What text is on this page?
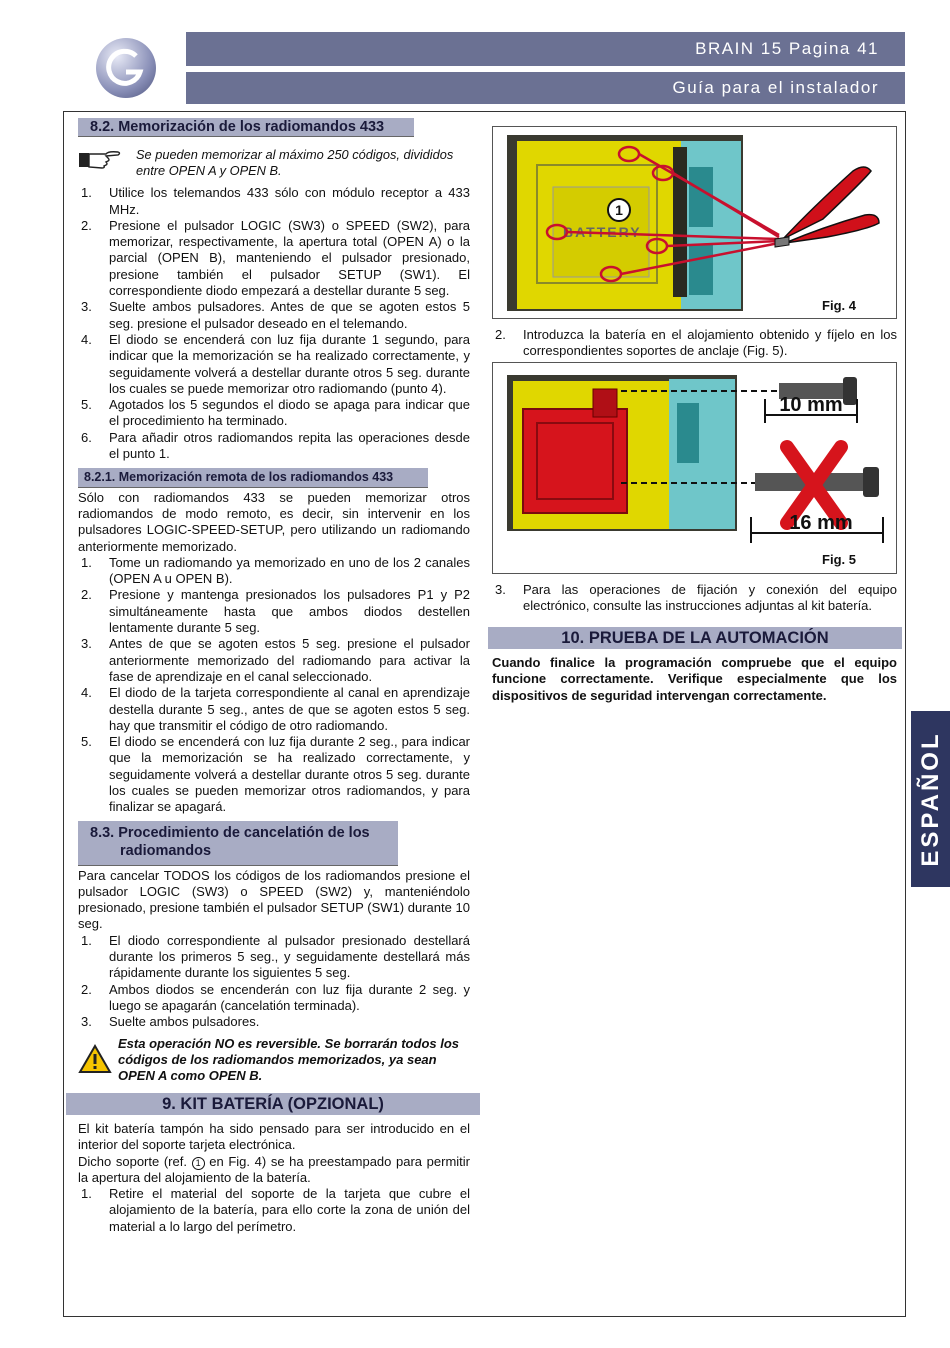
BRAIN 15 Pagina 41
Guía para el instalador
ESPAÑOL
8.2. Memorización de los radiomandos 433
Se pueden memorizar al máximo 250 códigos, divididos entre OPEN A y OPEN B.
1.	Utilice los telemandos 433 sólo con módulo receptor a 433 MHz.
2.	Presione el pulsador LOGIC (SW3) o SPEED (SW2), para memorizar, respectivamente, la apertura total (OPEN A) o la parcial (OPEN B), manteniendo el pulsador presionado, presione también el pulsador SETUP (SW1). El correspondiente diodo empezará a destellar durante 5 seg.
3.	Suelte ambos pulsadores. Antes de que se agoten estos 5 seg. presione el pulsador deseado en el telemando.
4.	El diodo se encenderá con luz fija durante 1 segundo, para indicar que la memorización se ha realizado correctamente, y seguidamente volverá a destellar durante otros 5 seg. durante los cuales se puede memorizar otro radiomando (punto 4).
5.	Agotados los 5 segundos el diodo se apaga para indicar que el procedimiento ha terminado.
6.	Para añadir otros radiomandos repita las operaciones desde el punto 1.
8.2.1. Memorización remota de los radiomandos 433

Sólo con radiomandos 433 se pueden memorizar otros radiomandos de modo remoto, es decir, sin intervenir en los pulsadores LOGIC-SPEED-SETUP, pero utilizando un radiomando anteriormente memorizado.

1.	Tome un radiomando ya memorizado en uno de los 2 canales (OPEN A u OPEN B).
2.	Presione y mantenga presionados los pulsadores P1 y P2 simultáneamente hasta que ambos diodos destellen lentamente durante 5 seg.
3.	Antes de que se agoten estos 5 seg. presione el pulsador anteriormente memorizado del radiomando para activar la fase de aprendizaje en el canal seleccionado.
4.	El diodo de la tarjeta correspondiente al canal en aprendizaje destella durante 5 seg., antes de que se agoten estos 5 seg. hay que transmitir el código de otro radiomando.
5.	El diodo se encenderá con luz fija durante 2 seg., para indicar que la memorización se ha realizado correctamente, y seguidamente volverá a destellar durante otros 5 seg. durante los cuales se pueden memorizar otros radiomandos, y para finalizar se apagará.
8.3. Procedimiento de cancelatión de los radiomandos

Para cancelar TODOS los códigos de los radiomandos presione el pulsador LOGIC (SW3) o SPEED (SW2) y, manteniéndolo presionado, presione también el pulsador SETUP (SW1) durante 10 seg.

1.	El diodo correspondiente al pulsador presionado destellará durante los primeros 5 seg., y seguidamente destellará más rápidamente durante los siguientes 5 seg.
2.	Ambos diodos se encenderán con luz fija durante 2 seg. y luego se apagarán (cancelatión terminada).
3.	Suelte ambos pulsadores.
Esta operación NO es reversible. Se borrarán todos los códigos de los radiomandos memorizados, ya sean OPEN A como OPEN B.
9. KIT BATERÍA (OPZIONAL)

El kit batería tampón ha sido pensado para ser introducido en el interior del soporte tarjeta electrónica.

Dicho soporte (ref. 1 en Fig. 4) se ha preestampado para permitir la apertura del alojamiento de la batería.

1.	Retire el material del soporte de la tarjeta que cubre el alojamiento de la batería, para ello corte la zona de unión del material a lo largo del perímetro.
1
BATTERY
Fig. 4
2.	Introduzca la batería en el alojamiento obtenido y fíjelo en los correspondientes soportes de anclaje (Fig. 5).
10 mm
16 mm
Fig. 5
3.	Para las operaciones de fijación y conexión del equipo electrónico, consulte las instrucciones adjuntas al kit batería.
10. PRUEBA DE LA AUTOMACIÓN

Cuando finalice la programación compruebe que el equipo funcione correctamente. Verifique especialmente que los dispositivos de seguridad intervengan correctamente.
